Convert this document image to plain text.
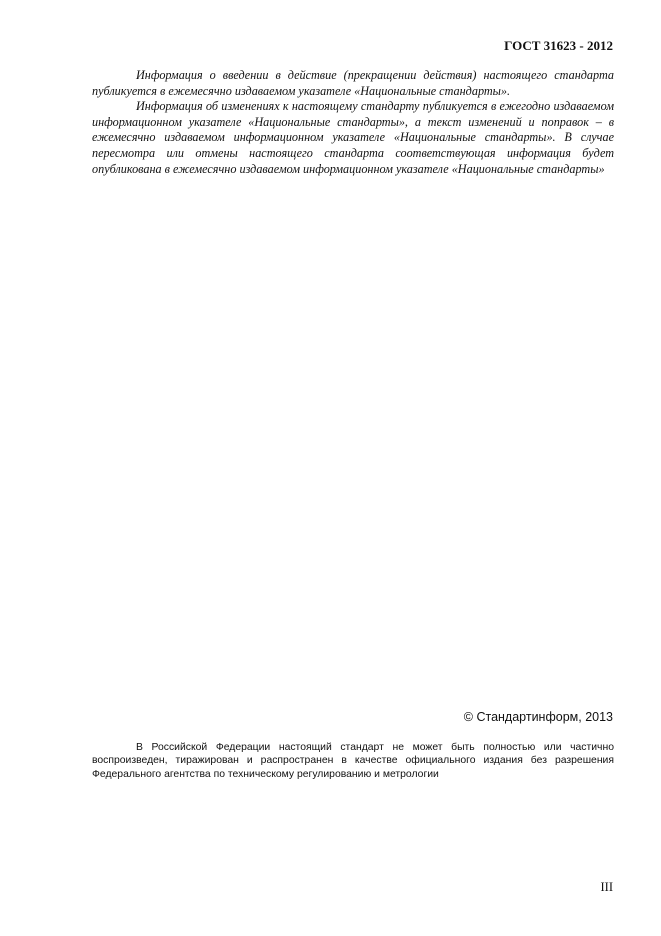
ГОСТ 31623 - 2012

Информация о введении в действие (прекращении действия) настоящего стандарта публикуется в ежемесячно издаваемом указателе «Национальные стандарты».

Информация об изменениях к настоящему стандарту публикуется в ежегодно издаваемом информационном указателе «Национальные стандарты», а текст изменений и поправок – в ежемесячно издаваемом информационном указателе «Национальные стандарты». В случае пересмотра или отмены настоящего стандарта соответствующая информация будет опубликована в ежемесячно издаваемом информационном указателе «Национальные стандарты»

© Стандартинформ, 2013

В Российской Федерации настоящий стандарт не может быть полностью или частично воспроизведен, тиражирован и распространен в качестве официального издания без разрешения Федерального агентства по техническому регулированию и метрологии

III
